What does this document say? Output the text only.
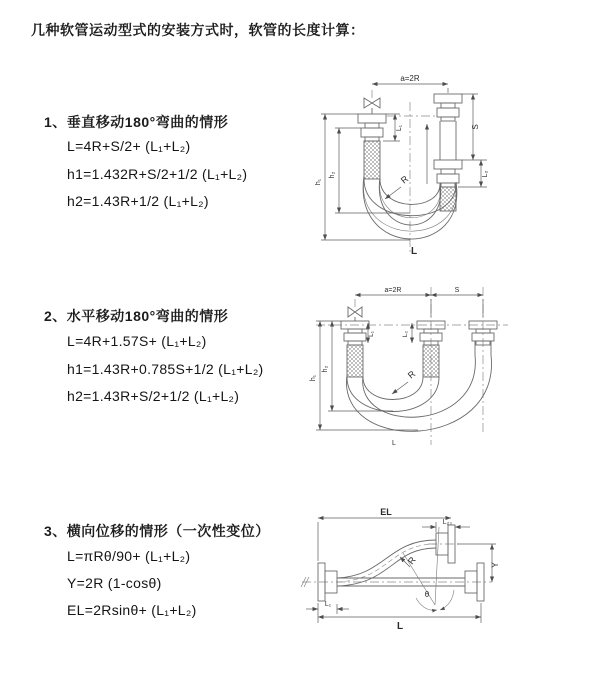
几种软管运动型式的安装方式时，软管的长度计算：
1、垂直移动180°弯曲的情形
L=4R+S/2+ (L₁+L₂)
h1=1.432R+S/2+1/2 (L₁+L₂)
h2=1.43R+1/2 (L₁+L₂)
a=2R
S
L₂
L₁
h₁
h₂	R
L
2、水平移动180°弯曲的情形
L=4R+1.57S+ (L₁+L₂)
h1=1.43R+0.785S+1/2 (L₁+L₂)
h2=1.43R+S/2+1/2 (L₁+L₂)
a=2R	S
L₁	L₂
h₁
h₂	R
L
3、横向位移的情形（一次性变位）
L=πRθ/90+ (L₁+L₂)
Y=2R (1-cosθ)
EL=2Rsinθ+ (L₁+L₂)
EL
L₂
θ
R	Y
L
L₁
